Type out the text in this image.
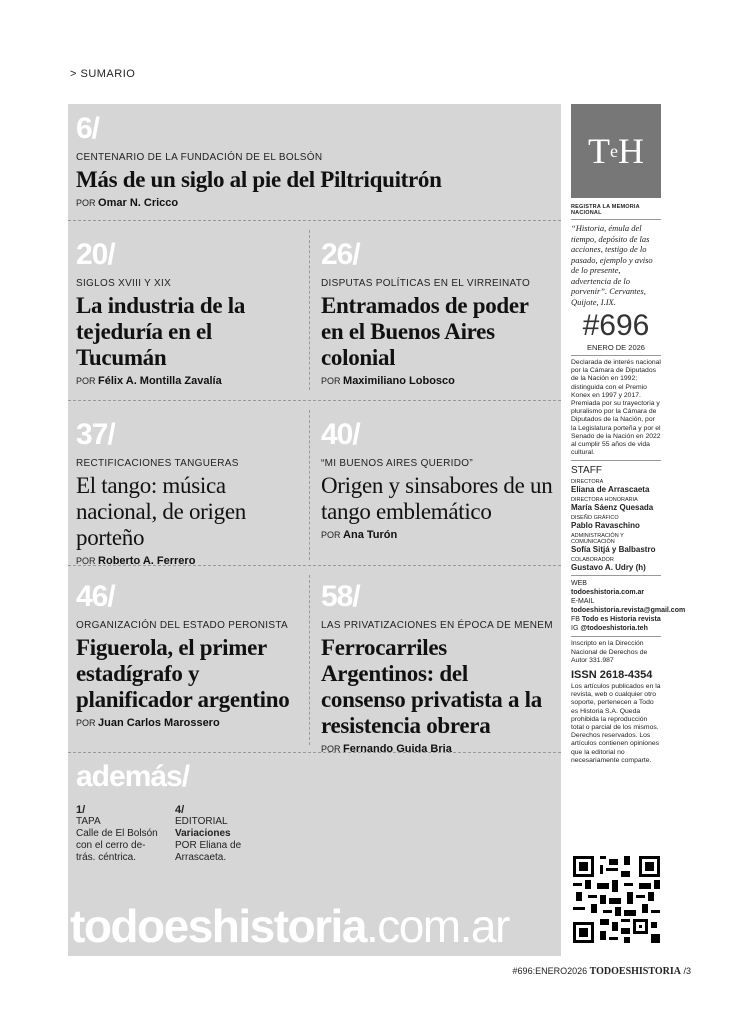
> SUMARIO
6/
CENTENARIO DE LA FUNDACIÓN DE EL BOLSÓN
Más de un siglo al pie del Piltriquitrón
POR Omar N. Cricco
20/
SIGLOS XVIII Y XIX
La industria de la tejeduría en el Tucumán
POR Félix A. Montilla Zavalía
26/
DISPUTAS POLÍTICAS EN EL VIRREINATO
Entramados de poder en el Buenos Aires colonial
POR Maximiliano Lobosco
37/
RECTIFICACIONES TANGUERAS
El tango: música nacional, de origen porteño
POR Roberto A. Ferrero
40/
“MI BUENOS AIRES QUERIDO”
Origen y sinsabores de un tango emblemático
POR Ana Turón
46/
ORGANIZACIÓN DEL ESTADO PERONISTA
Figuerola, el primer estadígrafo y planificador argentino
POR Juan Carlos Marossero
58/
LAS PRIVATIZACIONES EN ÉPOCA DE MENEM
Ferrocarriles Argentinos: del consenso privatista a la resistencia obrera
POR Fernando Guida Bria
además/
1/
TAPA
Calle de El Bolsón con el cerro de-trás. céntrica.
4/
EDITORIAL
Variaciones
POR Eliana de Arrascaeta.
todoeshistoria.com.ar
T e H
REGISTRA LA MEMORIA NACIONAL
“Historia, émula del tiempo, depósito de las acciones, testigo de lo pasado, ejemplo y aviso de lo presente, advertencia de lo porvenir”. Cervantes, Quijote, I.IX.
#696
ENERO DE 2026
Declarada de interés nacional por la Cámara de Diputados de la Nación en 1992; distinguida con el Premio Konex en 1997 y 2017. Premiada por su trayectoria y pluralismo por la Cámara de Diputados de la Nación, por la Legislatura porteña y por el Senado de la Nación en 2022 al cumplir 55 años de vida cultural.
STAFF
DIRECTORA
Eliana de Arrascaeta
DIRECTORA HONORARIA
María Sáenz Quesada
DISEÑO GRÁFICO
Pablo Ravaschino
ADMINISTRACIÓN Y COMUNICACIÓN
Sofía Sitjá y Balbastro
COLABORADOR
Gustavo A. Udry (h)
WEB todoeshistoria.com.ar
E-MAIL todoeshistoria.revista@gmail.com
FB Todo es Historia revista
IG @todoeshistoria.teh
Inscripto en la Dirección Nacional de Derechos de Autor 331.987
ISSN 2618-4354
Los artículos publicados en la revista, web o cualquier otro soporte, pertenecen a Todo es Historia S.A. Queda prohibida la reproducción total o parcial de los mismos. Derechos reservados. Los artículos contienen opiniones que la editorial no necesariamente comparte.
#696:ENERO2026 TODOESHISTORIA /3
